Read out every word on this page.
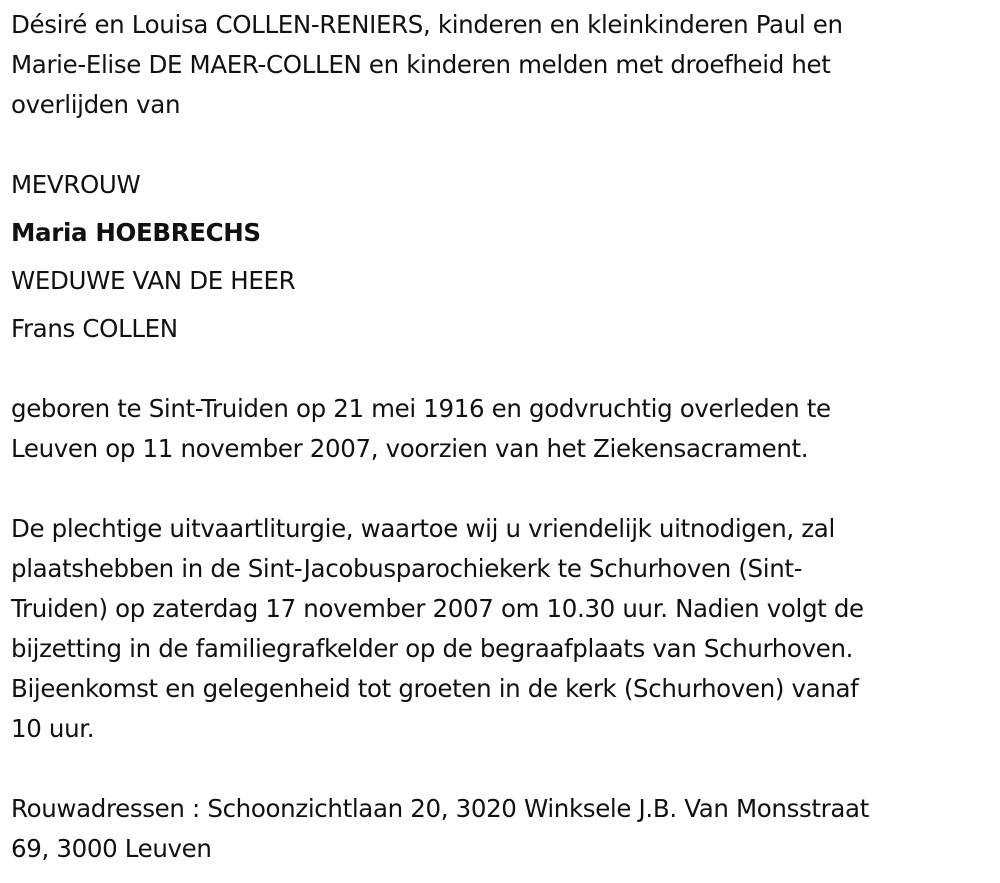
Désiré en Louisa COLLEN-RENIERS, kinderen en kleinkinderen Paul en
Marie-Elise DE MAER-COLLEN en kinderen melden met droefheid het
overlijden van

MEVROUW
Maria HOEBRECHS
WEDUWE VAN DE HEER
Frans COLLEN

geboren te Sint-Truiden op 21 mei 1916 en godvruchtig overleden te
Leuven op 11 november 2007, voorzien van het Ziekensacrament.

De plechtige uitvaartliturgie, waartoe wij u vriendelijk uitnodigen, zal
plaatshebben in de Sint-Jacobusparochiekerk te Schurhoven (Sint-
Truiden) op zaterdag 17 november 2007 om 10.30 uur. Nadien volgt de
bijzetting in de familiegrafkelder op de begraafplaats van Schurhoven.
Bijeenkomst en gelegenheid tot groeten in de kerk (Schurhoven) vanaf
10 uur.

Rouwadressen : Schoonzichtlaan 20, 3020 Winksele J.B. Van Monsstraat
69, 3000 Leuven
